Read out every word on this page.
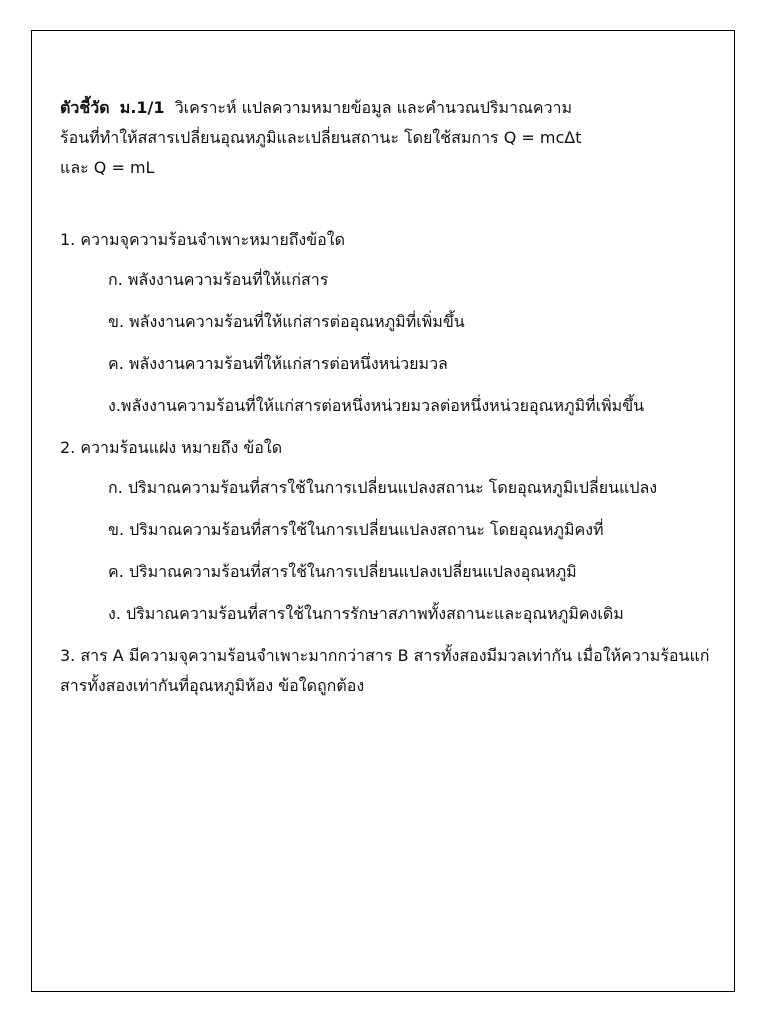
ตัวชี้วัด ม.1/1 วิเคราะห์ แปลความหมายข้อมูล และคำนวณปริมาณความ

ร้อนที่ทำให้สสารเปลี่ยนอุณหภูมิและเปลี่ยนสถานะ โดยใช้สมการ Q = mcΔt

และ Q = mL

1. ความจุความร้อนจำเพาะหมายถึงข้อใด

ก. พลังงานความร้อนที่ให้แก่สาร

ข. พลังงานความร้อนที่ให้แก่สารต่ออุณหภูมิที่เพิ่มขึ้น

ค. พลังงานความร้อนที่ให้แก่สารต่อหนึ่งหน่วยมวล

ง.พลังงานความร้อนที่ให้แก่สารต่อหนึ่งหน่วยมวลต่อหนึ่งหน่วยอุณหภูมิที่เพิ่มขึ้น

2. ความร้อนแฝง หมายถึง ข้อใด

ก. ปริมาณความร้อนที่สารใช้ในการเปลี่ยนแปลงสถานะ โดยอุณหภูมิเปลี่ยนแปลง

ข. ปริมาณความร้อนที่สารใช้ในการเปลี่ยนแปลงสถานะ โดยอุณหภูมิคงที่

ค. ปริมาณความร้อนที่สารใช้ในการเปลี่ยนแปลงเปลี่ยนแปลงอุณหภูมิ

ง. ปริมาณความร้อนที่สารใช้ในการรักษาสภาพทั้งสถานะและอุณหภูมิคงเดิม

3. สาร A มีความจุความร้อนจำเพาะมากกว่าสาร B สารทั้งสองมีมวลเท่ากัน เมื่อให้ความร้อนแก่สารทั้งสองเท่ากันที่อุณหภูมิห้อง ข้อใดถูกต้อง
